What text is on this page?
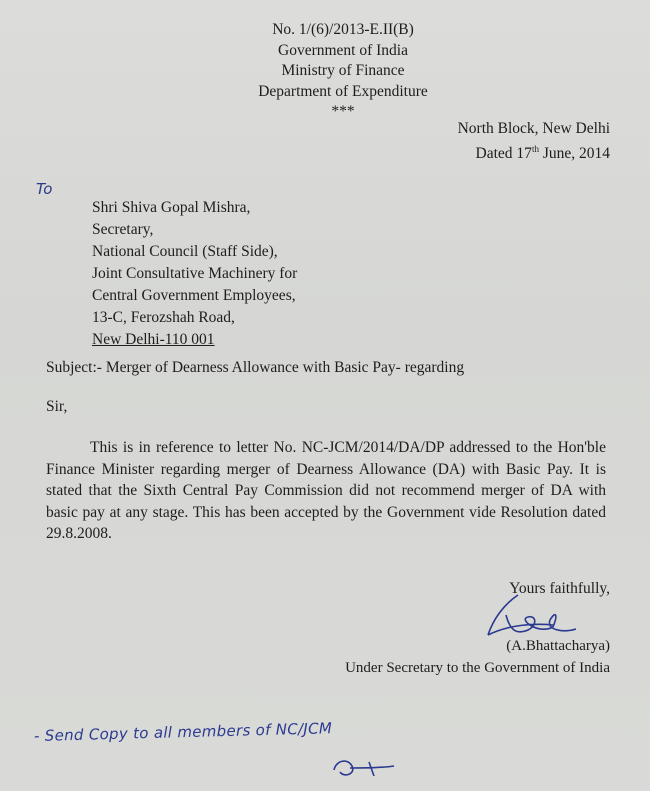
No. 1/(6)/2013-E.II(B)
Government of India
Ministry of Finance
Department of Expenditure
***
North Block, New Delhi
Dated 17th June, 2014
To
Shri Shiva Gopal Mishra,
Secretary,
National Council (Staff Side),
Joint Consultative Machinery for
Central Government Employees,
13-C, Ferozshah Road,
New Delhi-110 001
Subject:- Merger of Dearness Allowance with Basic Pay- regarding
Sir,
This is in reference to letter No. NC-JCM/2014/DA/DP addressed to the Hon'ble Finance Minister regarding merger of Dearness Allowance (DA) with Basic Pay. It is stated that the Sixth Central Pay Commission did not recommend merger of DA with basic pay at any stage. This has been accepted by the Government vide Resolution dated 29.8.2008.
Yours faithfully,
(A.Bhattacharya)
Under Secretary to the Government of India
- Send Copy to all members of NC/JCM
